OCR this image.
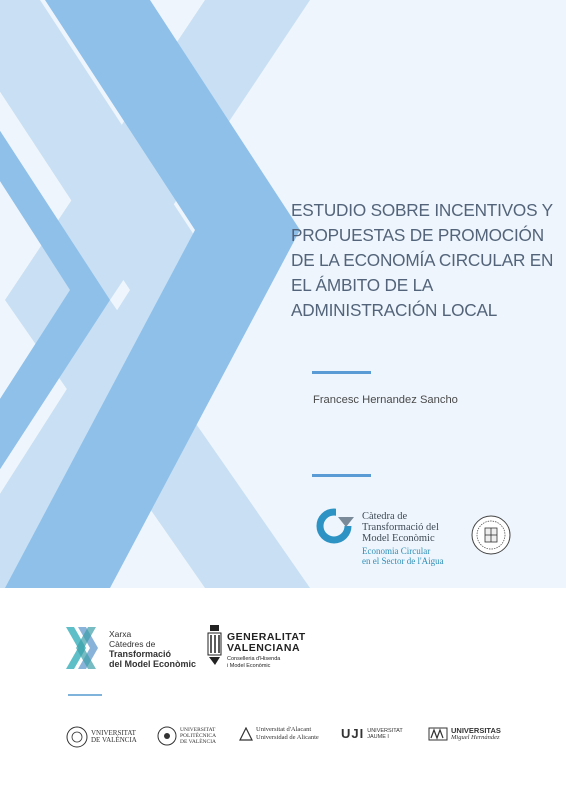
ESTUDIO SOBRE INCENTIVOS Y
PROPUESTAS DE PROMOCIÓN
DE LA ECONOMÍA CIRCULAR EN
EL ÁMBITO DE LA
ADMINISTRACIÓN LOCAL
Francesc Hernandez Sancho
Càtedra de
Transformació del
Model Econòmic
Economia Circular
en el Sector de l'Aigua
Xarxa
Càtedres de
Transformació
del Model Econòmic
GENERALITAT
VALENCIANA
Conselleria d'Hisenda
i Model Econòmic
VNIVERSITAT
DE VALÈNCIA
UNIVERSITAT
POLITÈCNICA
DE VALÈNCIA
Universitat d'Alacant
Universidad de Alicante UJI UNIVERSITAT
JAUME I
UNIVERSITAS
Miguel Hernández
